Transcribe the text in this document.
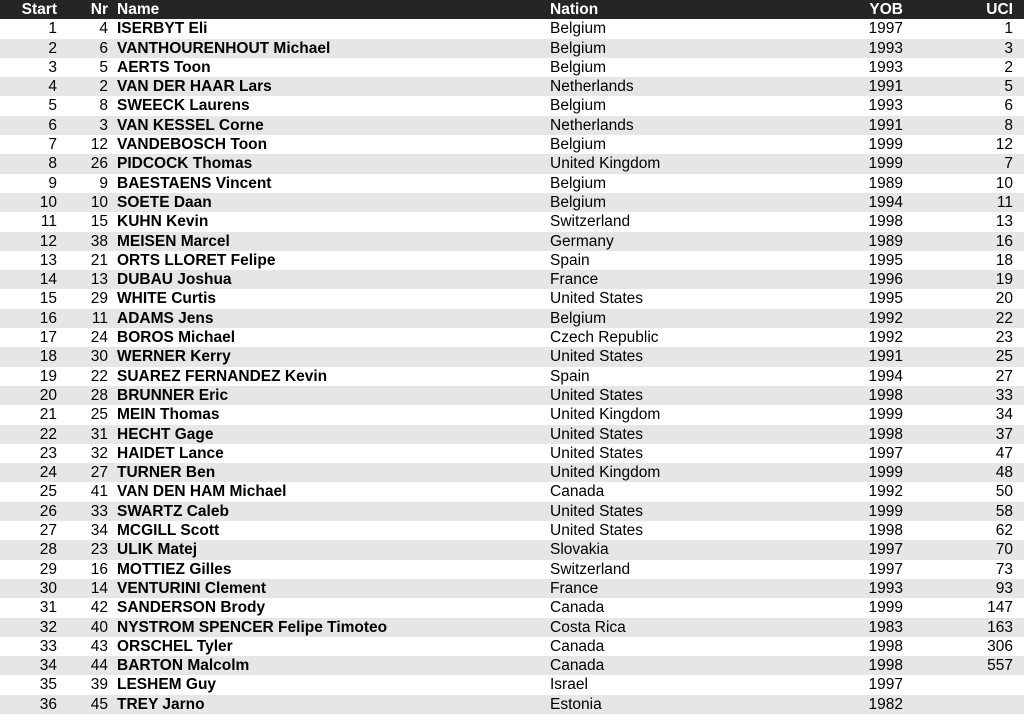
Start	Nr	Name	Nation	YOB	UCI
1	4	ISERBYT Eli	Belgium	1997	1
2	6	VANTHOURENHOUT Michael	Belgium	1993	3
3	5	AERTS Toon	Belgium	1993	2
4	2	VAN DER HAAR Lars	Netherlands	1991	5
5	8	SWEECK Laurens	Belgium	1993	6
6	3	VAN KESSEL Corne	Netherlands	1991	8
7	12	VANDEBOSCH Toon	Belgium	1999	12
8	26	PIDCOCK Thomas	United Kingdom	1999	7
9	9	BAESTAENS Vincent	Belgium	1989	10
10	10	SOETE Daan	Belgium	1994	11
11	15	KUHN Kevin	Switzerland	1998	13
12	38	MEISEN Marcel	Germany	1989	16
13	21	ORTS LLORET Felipe	Spain	1995	18
14	13	DUBAU Joshua	France	1996	19
15	29	WHITE Curtis	United States	1995	20
16	11	ADAMS Jens	Belgium	1992	22
17	24	BOROS Michael	Czech Republic	1992	23
18	30	WERNER Kerry	United States	1991	25
19	22	SUAREZ FERNANDEZ Kevin	Spain	1994	27
20	28	BRUNNER Eric	United States	1998	33
21	25	MEIN Thomas	United Kingdom	1999	34
22	31	HECHT Gage	United States	1998	37
23	32	HAIDET Lance	United States	1997	47
24	27	TURNER Ben	United Kingdom	1999	48
25	41	VAN DEN HAM Michael	Canada	1992	50
26	33	SWARTZ Caleb	United States	1999	58
27	34	MCGILL Scott	United States	1998	62
28	23	ULIK Matej	Slovakia	1997	70
29	16	MOTTIEZ Gilles	Switzerland	1997	73
30	14	VENTURINI Clement	France	1993	93
31	42	SANDERSON Brody	Canada	1999	147
32	40	NYSTROM SPENCER Felipe Timoteo	Costa Rica	1983	163
33	43	ORSCHEL Tyler	Canada	1998	306
34	44	BARTON Malcolm	Canada	1998	557
35	39	LESHEM Guy	Israel	1997	
36	45	TREY Jarno	Estonia	1982	
